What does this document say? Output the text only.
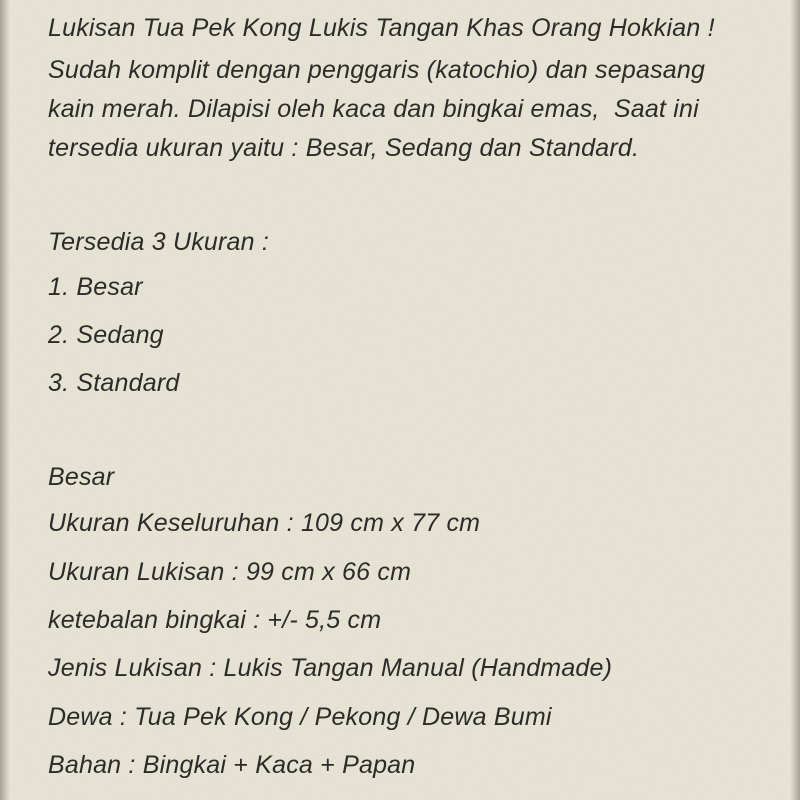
Lukisan Tua Pek Kong Lukis Tangan Khas Orang Hokkian !

Sudah komplit dengan penggaris (katochio) dan sepasang

kain merah. Dilapisi oleh kaca dan bingkai emas,  Saat ini

tersedia ukuran yaitu : Besar, Sedang dan Standard.

Tersedia 3 Ukuran :

1. Besar

2. Sedang

3. Standard

Besar

Ukuran Keseluruhan : 109 cm x 77 cm

Ukuran Lukisan : 99 cm x 66 cm

ketebalan bingkai : +/- 5,5 cm

Jenis Lukisan : Lukis Tangan Manual (Handmade)

Dewa : Tua Pek Kong / Pekong / Dewa Bumi

Bahan : Bingkai + Kaca + Papan
